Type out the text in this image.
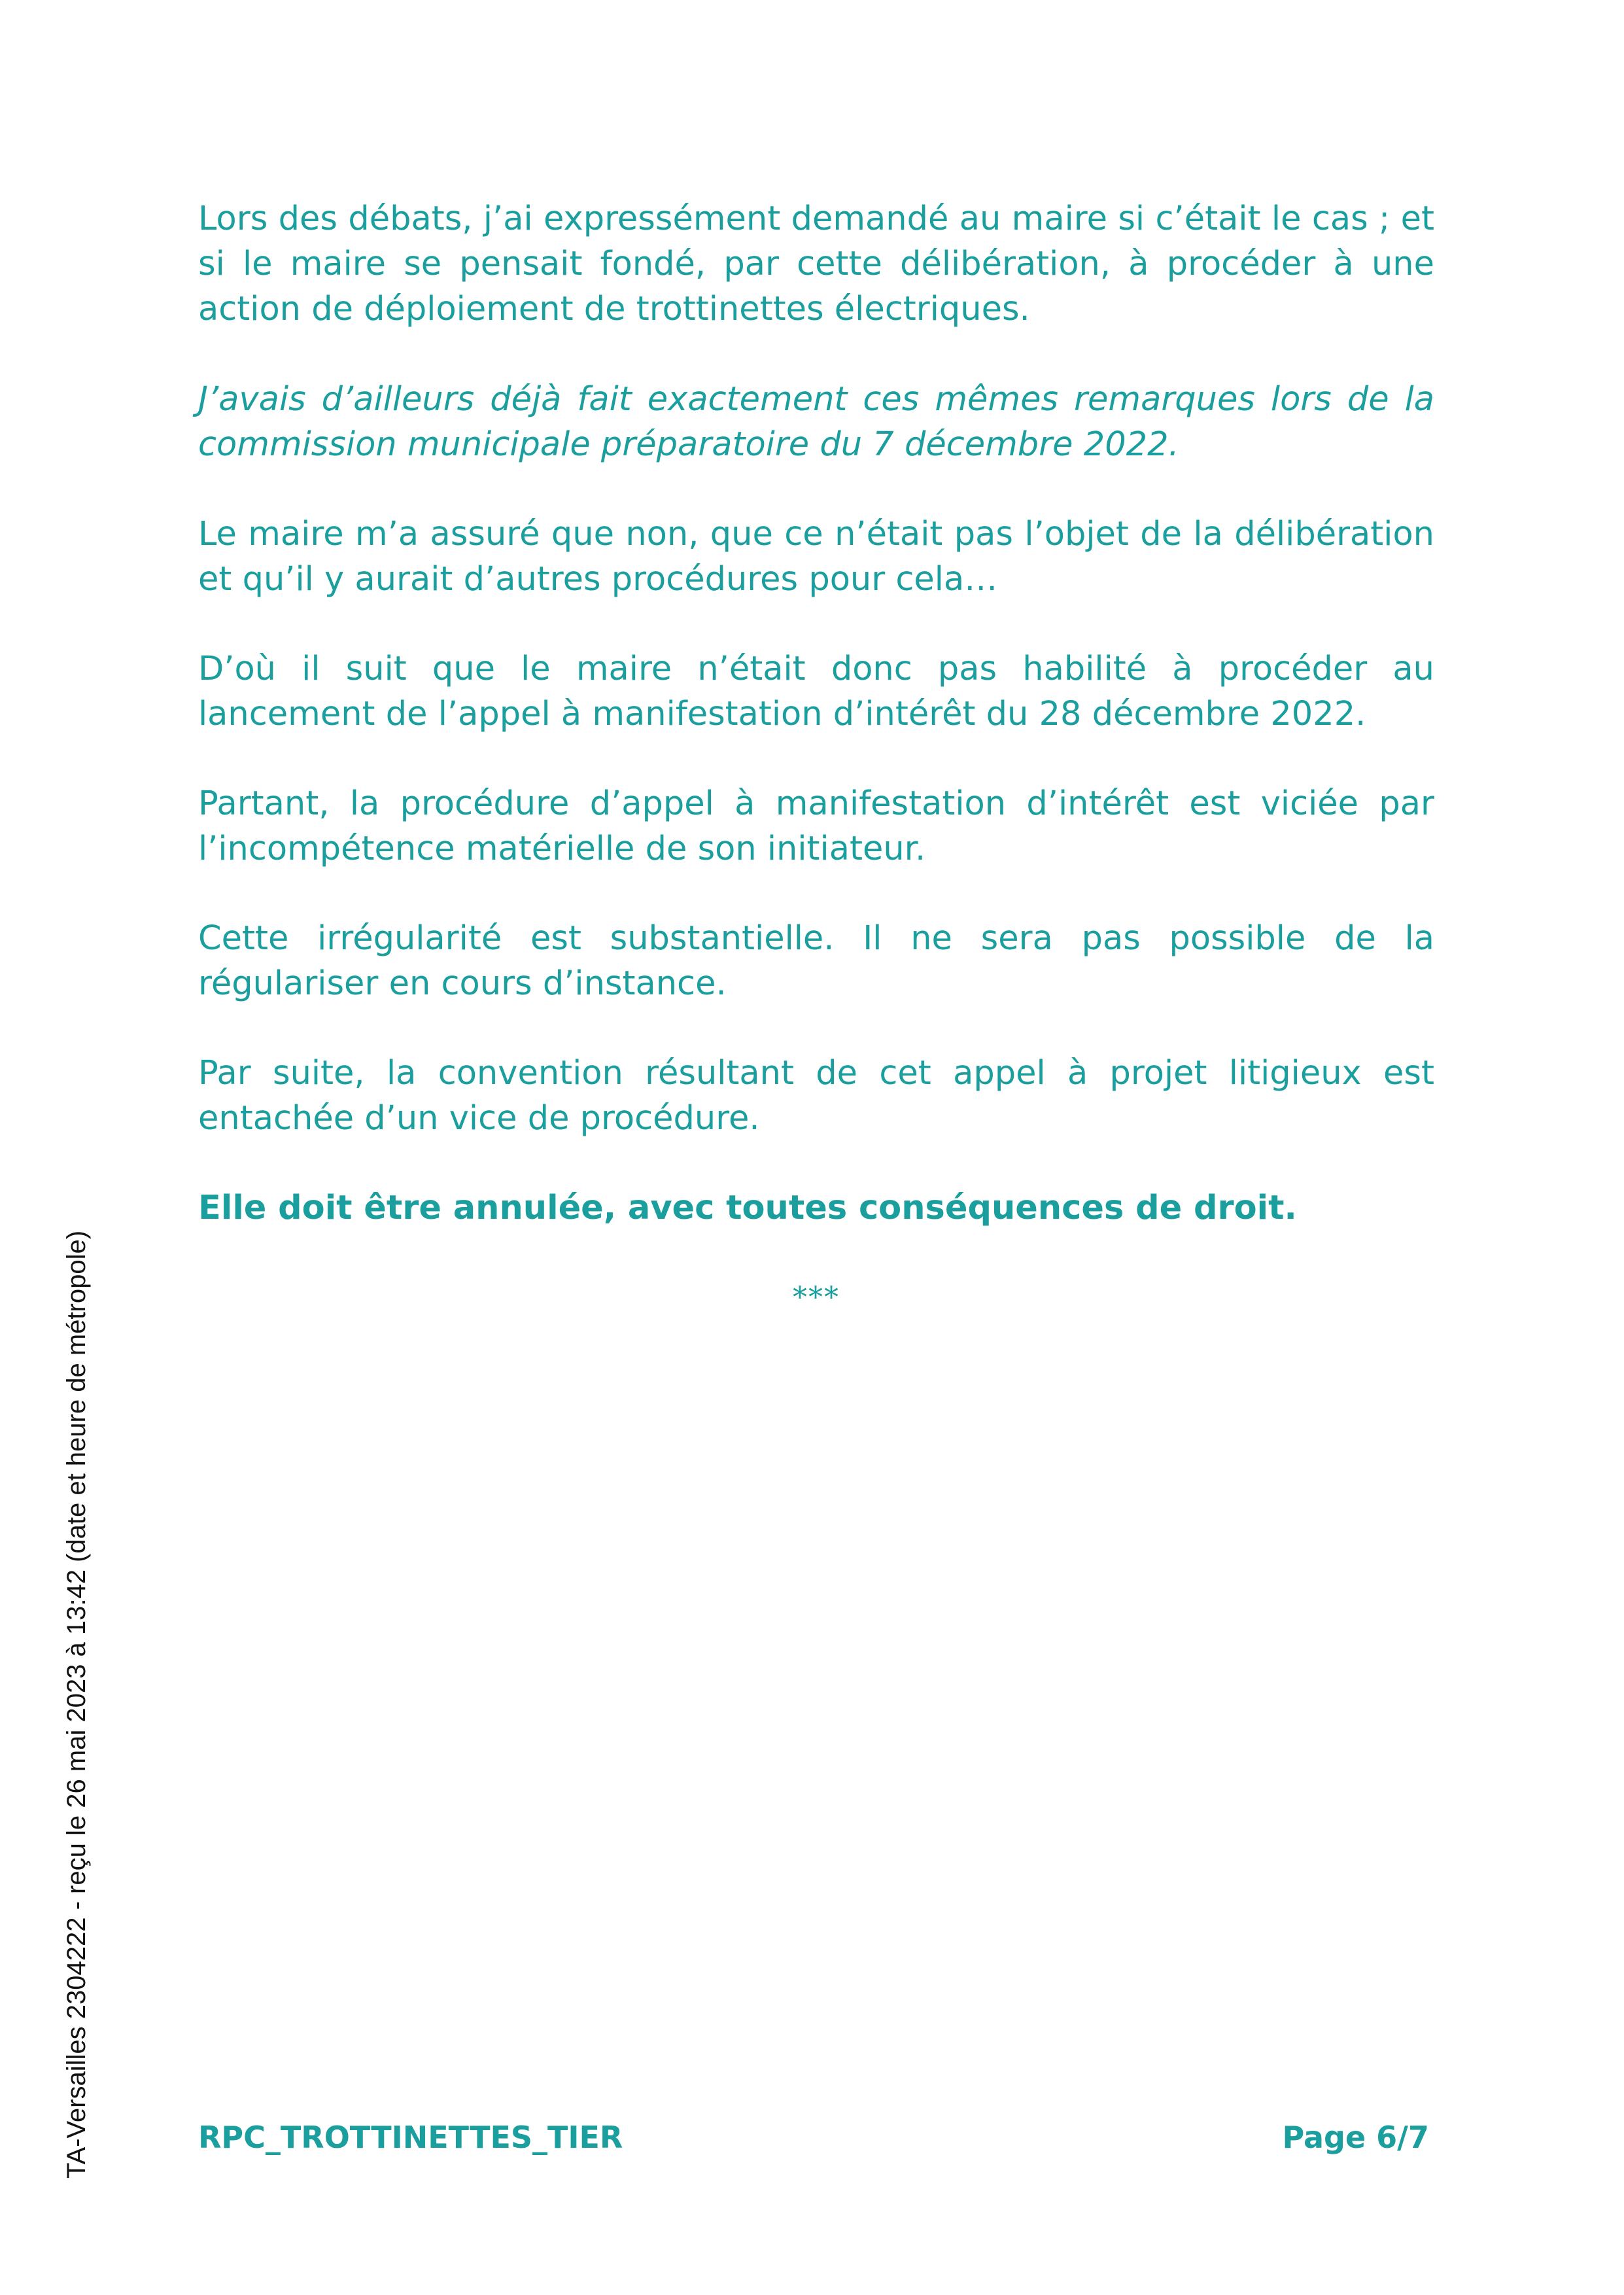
Lors des débats, j’ai expressément demandé au maire si c’était le cas ; et si le maire se pensait fondé, par cette délibération, à procéder à une action de déploiement de trottinettes électriques.

J’avais d’ailleurs déjà fait exactement ces mêmes remarques lors de la commission municipale préparatoire du 7 décembre 2022.

Le maire m’a assuré que non, que ce n’était pas l’objet de la délibération et qu’il y aurait d’autres procédures pour cela…

D’où il suit que le maire n’était donc pas habilité à procéder au lancement de l’appel à manifestation d’intérêt du 28 décembre 2022.

Partant, la procédure d’appel à manifestation d’intérêt est viciée par l’incompétence matérielle de son initiateur.

Cette irrégularité est substantielle. Il ne sera pas possible de la régulariser en cours d’instance.

Par suite, la convention résultant de cet appel à projet litigieux est entachée d’un vice de procédure.

Elle doit être annulée, avec toutes conséquences de droit.

***
RPC_TROTTINETTES_TIER	Page 6/7
TA-Versailles 2304222 - reçu le 26 mai 2023 à 13:42 (date et heure de métropole)
